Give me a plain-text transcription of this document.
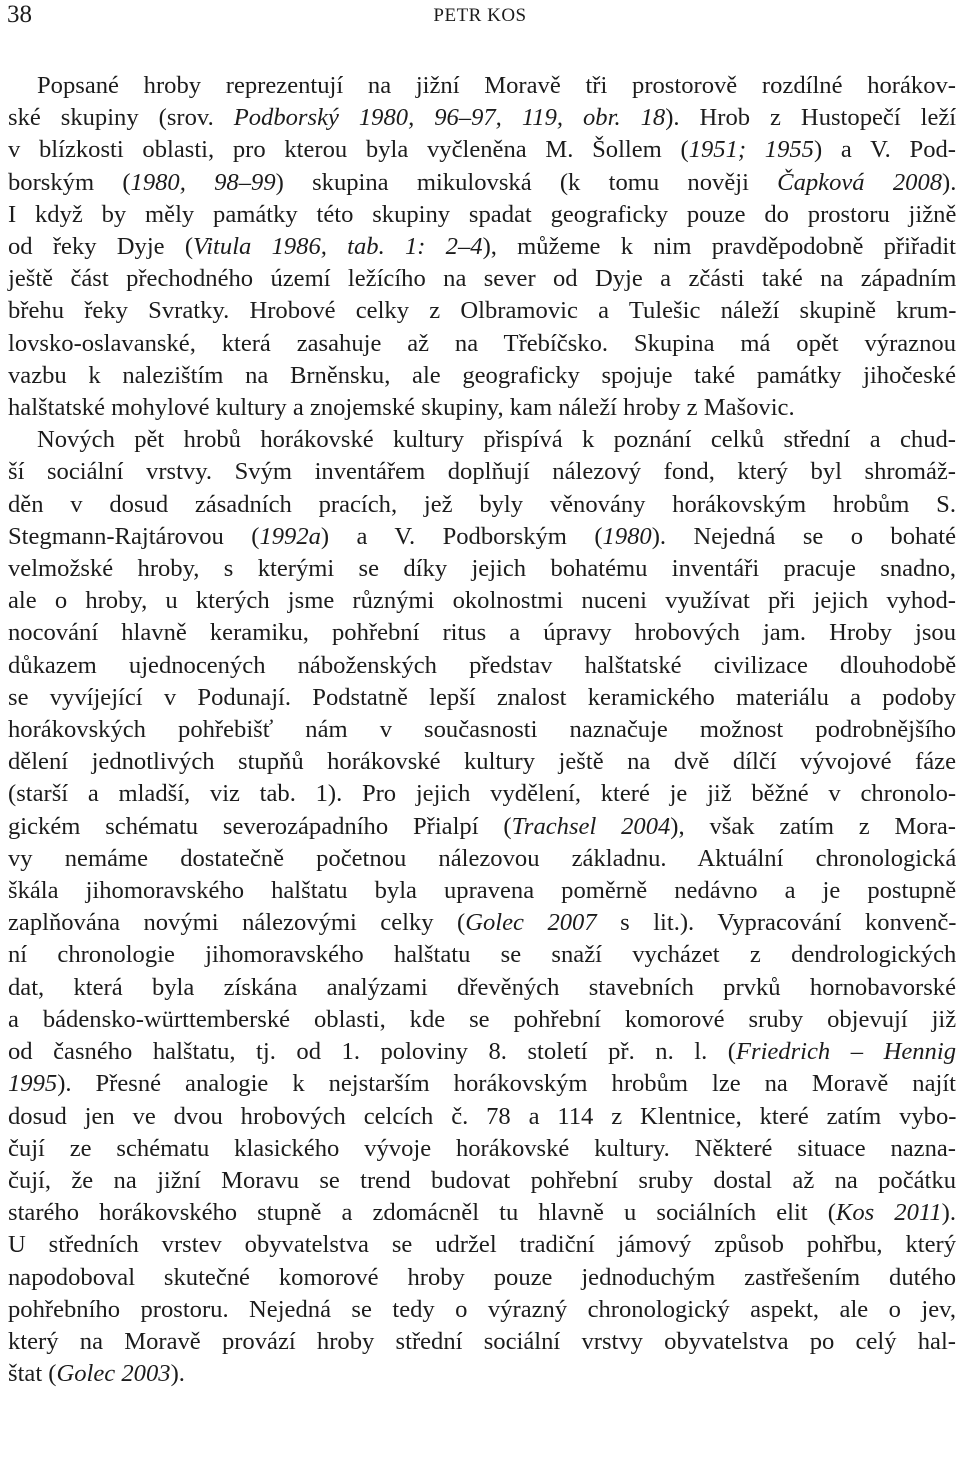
38	PETR KOS
Popsané hroby reprezentují na jižní Moravě tři prostorově rozdílné horákov-
ské skupiny (srov. Podborský 1980, 96–97, 119, obr. 18). Hrob z Hustopečí leží
v blízkosti oblasti, pro kterou byla vyčleněna M. Šollem (1951; 1955) a V. Pod-
borským (1980, 98–99) skupina mikulovská (k tomu nověji Čapková 2008).
I když by měly památky této skupiny spadat geograficky pouze do prostoru jižně
od řeky Dyje (Vitula 1986, tab. 1: 2–4), můžeme k nim pravděpodobně přiřadit
ještě část přechodného území ležícího na sever od Dyje a zčásti také na západním
břehu řeky Svratky. Hrobové celky z Olbramovic a Tulešic náleží skupině krum-
lovsko-oslavanské, která zasahuje až na Třebíčsko. Skupina má opět výraznou
vazbu k nalezištím na Brněnsku, ale geograficky spojuje také památky jihočeské
halštatské mohylové kultury a znojemské skupiny, kam náleží hroby z Mašovic.
Nových pět hrobů horákovské kultury přispívá k poznání celků střední a chud-
ší sociální vrstvy. Svým inventářem doplňují nálezový fond, který byl shromáž-
děn v dosud zásadních pracích, jež byly věnovány horákovským hrobům S.
Stegmann-Rajtárovou (1992a) a V. Podborským (1980). Nejedná se o bohaté
velmožské hroby, s kterými se díky jejich bohatému inventáři pracuje snadno,
ale o hroby, u kterých jsme různými okolnostmi nuceni využívat při jejich vyhod-
nocování hlavně keramiku, pohřební ritus a úpravy hrobových jam. Hroby jsou
důkazem ujednocených náboženských představ halštatské civilizace dlouhodobě
se vyvíjející v Podunají. Podstatně lepší znalost keramického materiálu a podoby
horákovských pohřebišť nám v současnosti naznačuje možnost podrobnějšího
dělení jednotlivých stupňů horákovské kultury ještě na dvě dílčí vývojové fáze
(starší a mladší, viz tab. 1). Pro jejich vydělení, které je již běžné v chronolo-
gickém schématu severozápadního Přialpí (Trachsel 2004), však zatím z Mora-
vy nemáme dostatečně početnou nálezovou základnu. Aktuální chronologická
škála jihomoravského halštatu byla upravena poměrně nedávno a je postupně
zaplňována novými nálezovými celky (Golec 2007 s lit.). Vypracování konvenč-
ní chronologie jihomoravského halštatu se snaží vycházet z dendrologických
dat, která byla získána analýzami dřevěných stavebních prvků hornobavorské
a bádensko-württemberské oblasti, kde se pohřební komorové sruby objevují již
od časného halštatu, tj. od 1. poloviny 8. století př. n. l. (Friedrich – Hennig
1995). Přesné analogie k nejstarším horákovským hrobům lze na Moravě najít
dosud jen ve dvou hrobových celcích č. 78 a 114 z Klentnice, které zatím vybo-
čují ze schématu klasického vývoje horákovské kultury. Některé situace nazna-
čují, že na jižní Moravu se trend budovat pohřební sruby dostal až na počátku
starého horákovského stupně a zdomácněl tu hlavně u sociálních elit (Kos 2011).
U středních vrstev obyvatelstva se udržel tradiční jámový způsob pohřbu, který
napodoboval skutečné komorové hroby pouze jednoduchým zastřešením dutého
pohřebního prostoru. Nejedná se tedy o výrazný chronologický aspekt, ale o jev,
který na Moravě provází hroby střední sociální vrstvy obyvatelstva po celý hal-
štat (Golec 2003).
